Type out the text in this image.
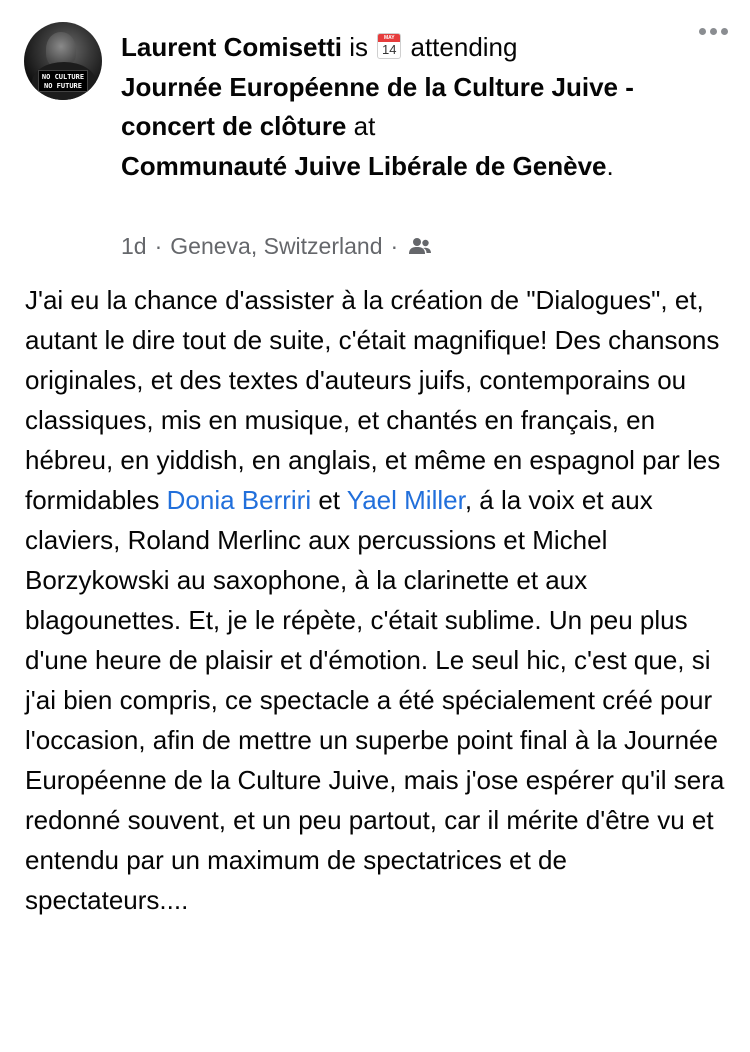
NO CULTURE
NO FUTURE
Laurent Comisetti is	MAY
14 attending
Journée Européenne de la Culture Juive - concert de clôture at
Communauté Juive Libérale de Genève.
1d · Geneva, Switzerland ·
J'ai eu la chance d'assister à la création de "Dialogues", et, autant le dire tout de suite, c'était magnifique! Des chansons originales, et des textes d'auteurs juifs, contemporains ou classiques, mis en musique, et chantés en français, en hébreu, en yiddish, en anglais, et même en espagnol par les formidables Donia Berriri et Yael Miller, á la voix et aux claviers, Roland Merlinc aux percussions et Michel Borzykowski au saxophone, à la clarinette et aux blagounettes. Et, je le répète, c'était sublime. Un peu plus d'une heure de plaisir et d'émotion. Le seul hic, c'est que, si j'ai bien compris, ce spectacle a été spécialement créé pour l'occasion, afin de mettre un superbe point final à la Journée Européenne de la Culture Juive, mais j'ose espérer qu'il sera redonné souvent, et un peu partout, car il mérite d'être vu et entendu par un maximum de spectatrices et de spectateurs....
